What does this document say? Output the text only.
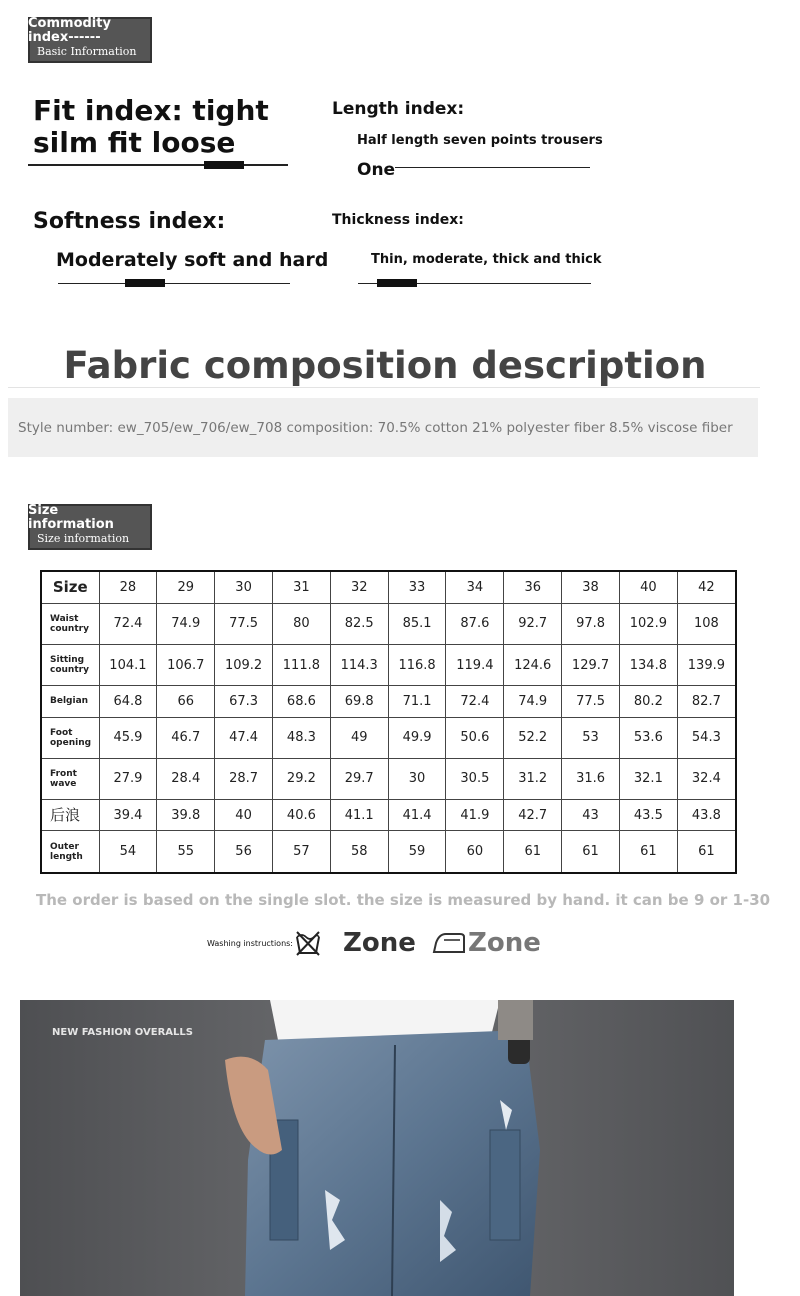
Commodity index------
Basic Information
Fit index: tight silm fit loose
Length index:
Half length seven points trousers
One
Softness index:
Moderately soft and hard
Thickness index:
Thin, moderate, thick and thick
Fabric composition description
Style number: ew_705/ew_706/ew_708 composition: 70.5% cotton 21% polyester fiber 8.5% viscose fiber
Size information
Size information
Size	28	29	30	31	32	33	34	36	38	40	42
Waist country	72.4	74.9	77.5	80	82.5	85.1	87.6	92.7	97.8	102.9	108
Sitting country	104.1	106.7	109.2	111.8	114.3	116.8	119.4	124.6	129.7	134.8	139.9
Belgian	64.8	66	67.3	68.6	69.8	71.1	72.4	74.9	77.5	80.2	82.7
Foot opening	45.9	46.7	47.4	48.3	49	49.9	50.6	52.2	53	53.6	54.3
Front wave	27.9	28.4	28.7	29.2	29.7	30	30.5	31.2	31.6	32.1	32.4
后浪	39.4	39.8	40	40.6	41.1	41.4	41.9	42.7	43	43.5	43.8
Outer length	54	55	56	57	58	59	60	61	61	61	61
The order is based on the single slot. the size is measured by hand. it can be 9 or 1-30
Washing instructions: Zone Zone
NEW FASHION OVERALLS
